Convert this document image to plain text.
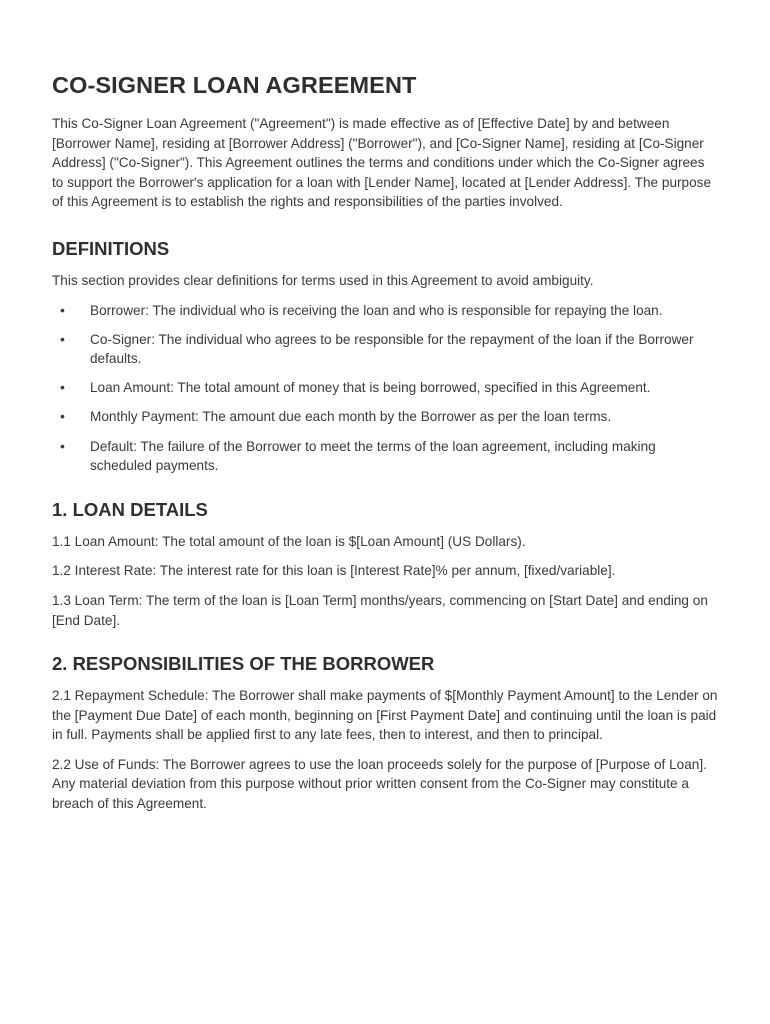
CO-SIGNER LOAN AGREEMENT

This Co-Signer Loan Agreement ("Agreement") is made effective as of [Effective Date] by and between [Borrower Name], residing at [Borrower Address] ("Borrower"), and [Co-Signer Name], residing at [Co-Signer Address] ("Co-Signer"). This Agreement outlines the terms and conditions under which the Co-Signer agrees to support the Borrower's application for a loan with [Lender Name], located at [Lender Address]. The purpose of this Agreement is to establish the rights and responsibilities of the parties involved.

DEFINITIONS

This section provides clear definitions for terms used in this Agreement to avoid ambiguity.

• Borrower: The individual who is receiving the loan and who is responsible for repaying the loan.
• Co-Signer: The individual who agrees to be responsible for the repayment of the loan if the Borrower defaults.
• Loan Amount: The total amount of money that is being borrowed, specified in this Agreement.
• Monthly Payment: The amount due each month by the Borrower as per the loan terms.
• Default: The failure of the Borrower to meet the terms of the loan agreement, including making scheduled payments.
1. LOAN DETAILS

1.1 Loan Amount: The total amount of the loan is $[Loan Amount] (US Dollars).

1.2 Interest Rate: The interest rate for this loan is [Interest Rate]% per annum, [fixed/variable].

1.3 Loan Term: The term of the loan is [Loan Term] months/years, commencing on [Start Date] and ending on [End Date].

2. RESPONSIBILITIES OF THE BORROWER

2.1 Repayment Schedule: The Borrower shall make payments of $[Monthly Payment Amount] to the Lender on the [Payment Due Date] of each month, beginning on [First Payment Date] and continuing until the loan is paid in full. Payments shall be applied first to any late fees, then to interest, and then to principal.

2.2 Use of Funds: The Borrower agrees to use the loan proceeds solely for the purpose of [Purpose of Loan]. Any material deviation from this purpose without prior written consent from the Co-Signer may constitute a breach of this Agreement.
